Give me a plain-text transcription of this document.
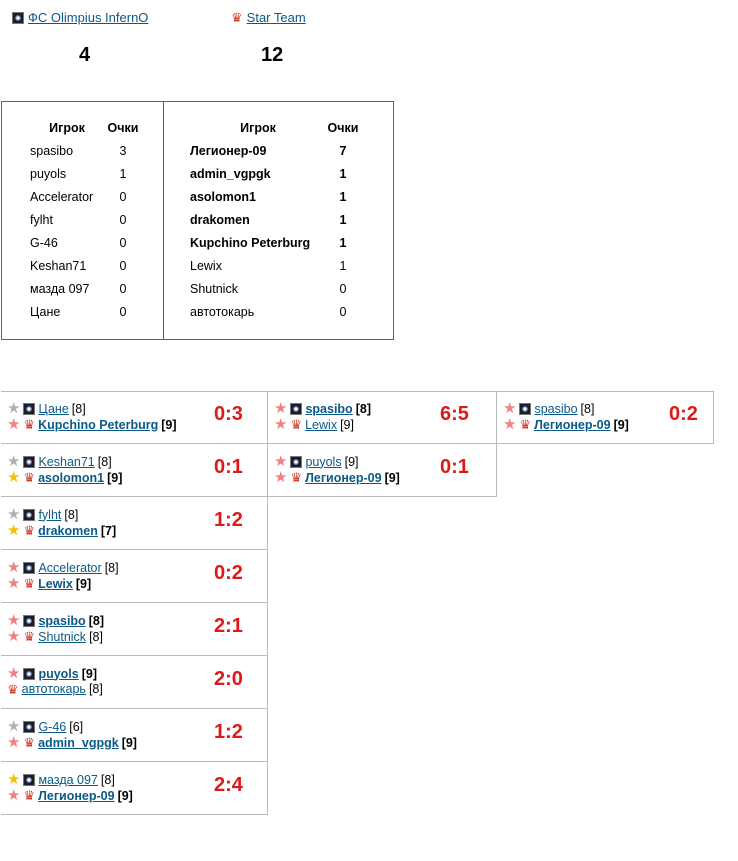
ФС Olimpius InfernO	♛ Star Team
4	12
Игрок	Очки
spasibo	3
puyols	1
Accelerator	0
fylht	0
G-46	0
Keshan71	0
мазда 097	0
Цане	0
Игрок	Очки
Легионер-09	7
admin_vgpgk	1
asolomon1	1
drakomen	1
Kupchino Peterburg	1
Lewix	1
Shutnick	0
автотокарь	0
★ Цане [8]
★ ♛ Kupchino Peterburg [9] 0:3
★ Keshan71 [8]
★ ♛ asolomon1 [9]	0:1
★ fylht [8]
★ ♛ drakomen [7]	1:2
★ Accelerator [8]
★ ♛ Lewix [9]	0:2
★ spasibo [8]
★ ♛ Shutnick [8]	2:1
★ puyols [9]
♛ автотокарь [8]	2:0
★ G-46 [6]
★ ♛ admin_vgpgk [9]	1:2
★ мазда 097 [8]
★ ♛ Легионер-09 [9]	2:4
★ spasibo [8]
★ ♛ Lewix [9]	6:5
★ puyols [9]
★ ♛ Легионер-09 [9] 0:1
★ spasibo [8]
★ ♛ Легионер-09 [9] 0:2
